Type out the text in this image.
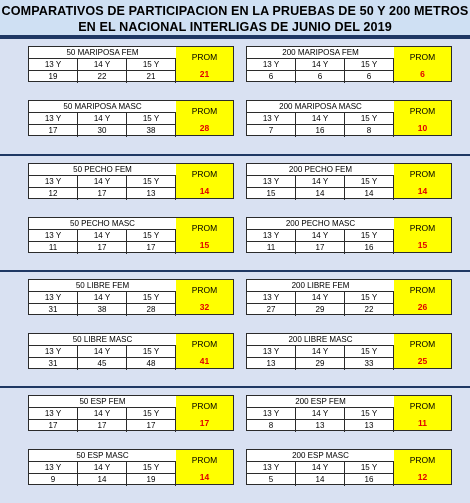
COMPARATIVOS DE PARTICIPACION EN LA PRUEBAS DE 50 Y 200 METROS
EN EL NACIONAL INTERLIGAS DE JUNIO DEL 2019
50 MARIPOSA FEM
13 Y
19
14 Y
22
15 Y
21
PROM
21
200 MARIPOSA FEM
13 Y
6
14 Y
6
15 Y
6
PROM
6
50 MARIPOSA MASC
13 Y
17
14 Y
30
15 Y
38
PROM
28
200 MARIPOSA MASC
13 Y
7
14 Y
16
15 Y
8
PROM
10
50 PECHO FEM
13 Y
12
14 Y
17
15 Y
13
PROM
14
200 PECHO FEM
13 Y
15
14 Y
14
15 Y
14
PROM
14
50 PECHO MASC
13 Y
11
14 Y
17
15 Y
17
PROM
15
200 PECHO MASC
13 Y
11
14 Y
17
15 Y
16
PROM
15
50 LIBRE FEM
13 Y
31
14 Y
38
15 Y
28
PROM
32
200 LIBRE FEM
13 Y
27
14 Y
29
15 Y
22
PROM
26
50 LIBRE MASC
13 Y
31
14 Y
45
15 Y
48
PROM
41
200 LIBRE MASC
13 Y
13
14 Y
29
15 Y
33
PROM
25
50 ESP FEM
13 Y
17
14 Y
17
15 Y
17
PROM
17
200 ESP FEM
13 Y
8
14 Y
13
15 Y
13
PROM
11
50 ESP MASC
13 Y
9
14 Y
14
15 Y
19
PROM
14
200 ESP MASC
13 Y
5
14 Y
14
15 Y
16
PROM
12
